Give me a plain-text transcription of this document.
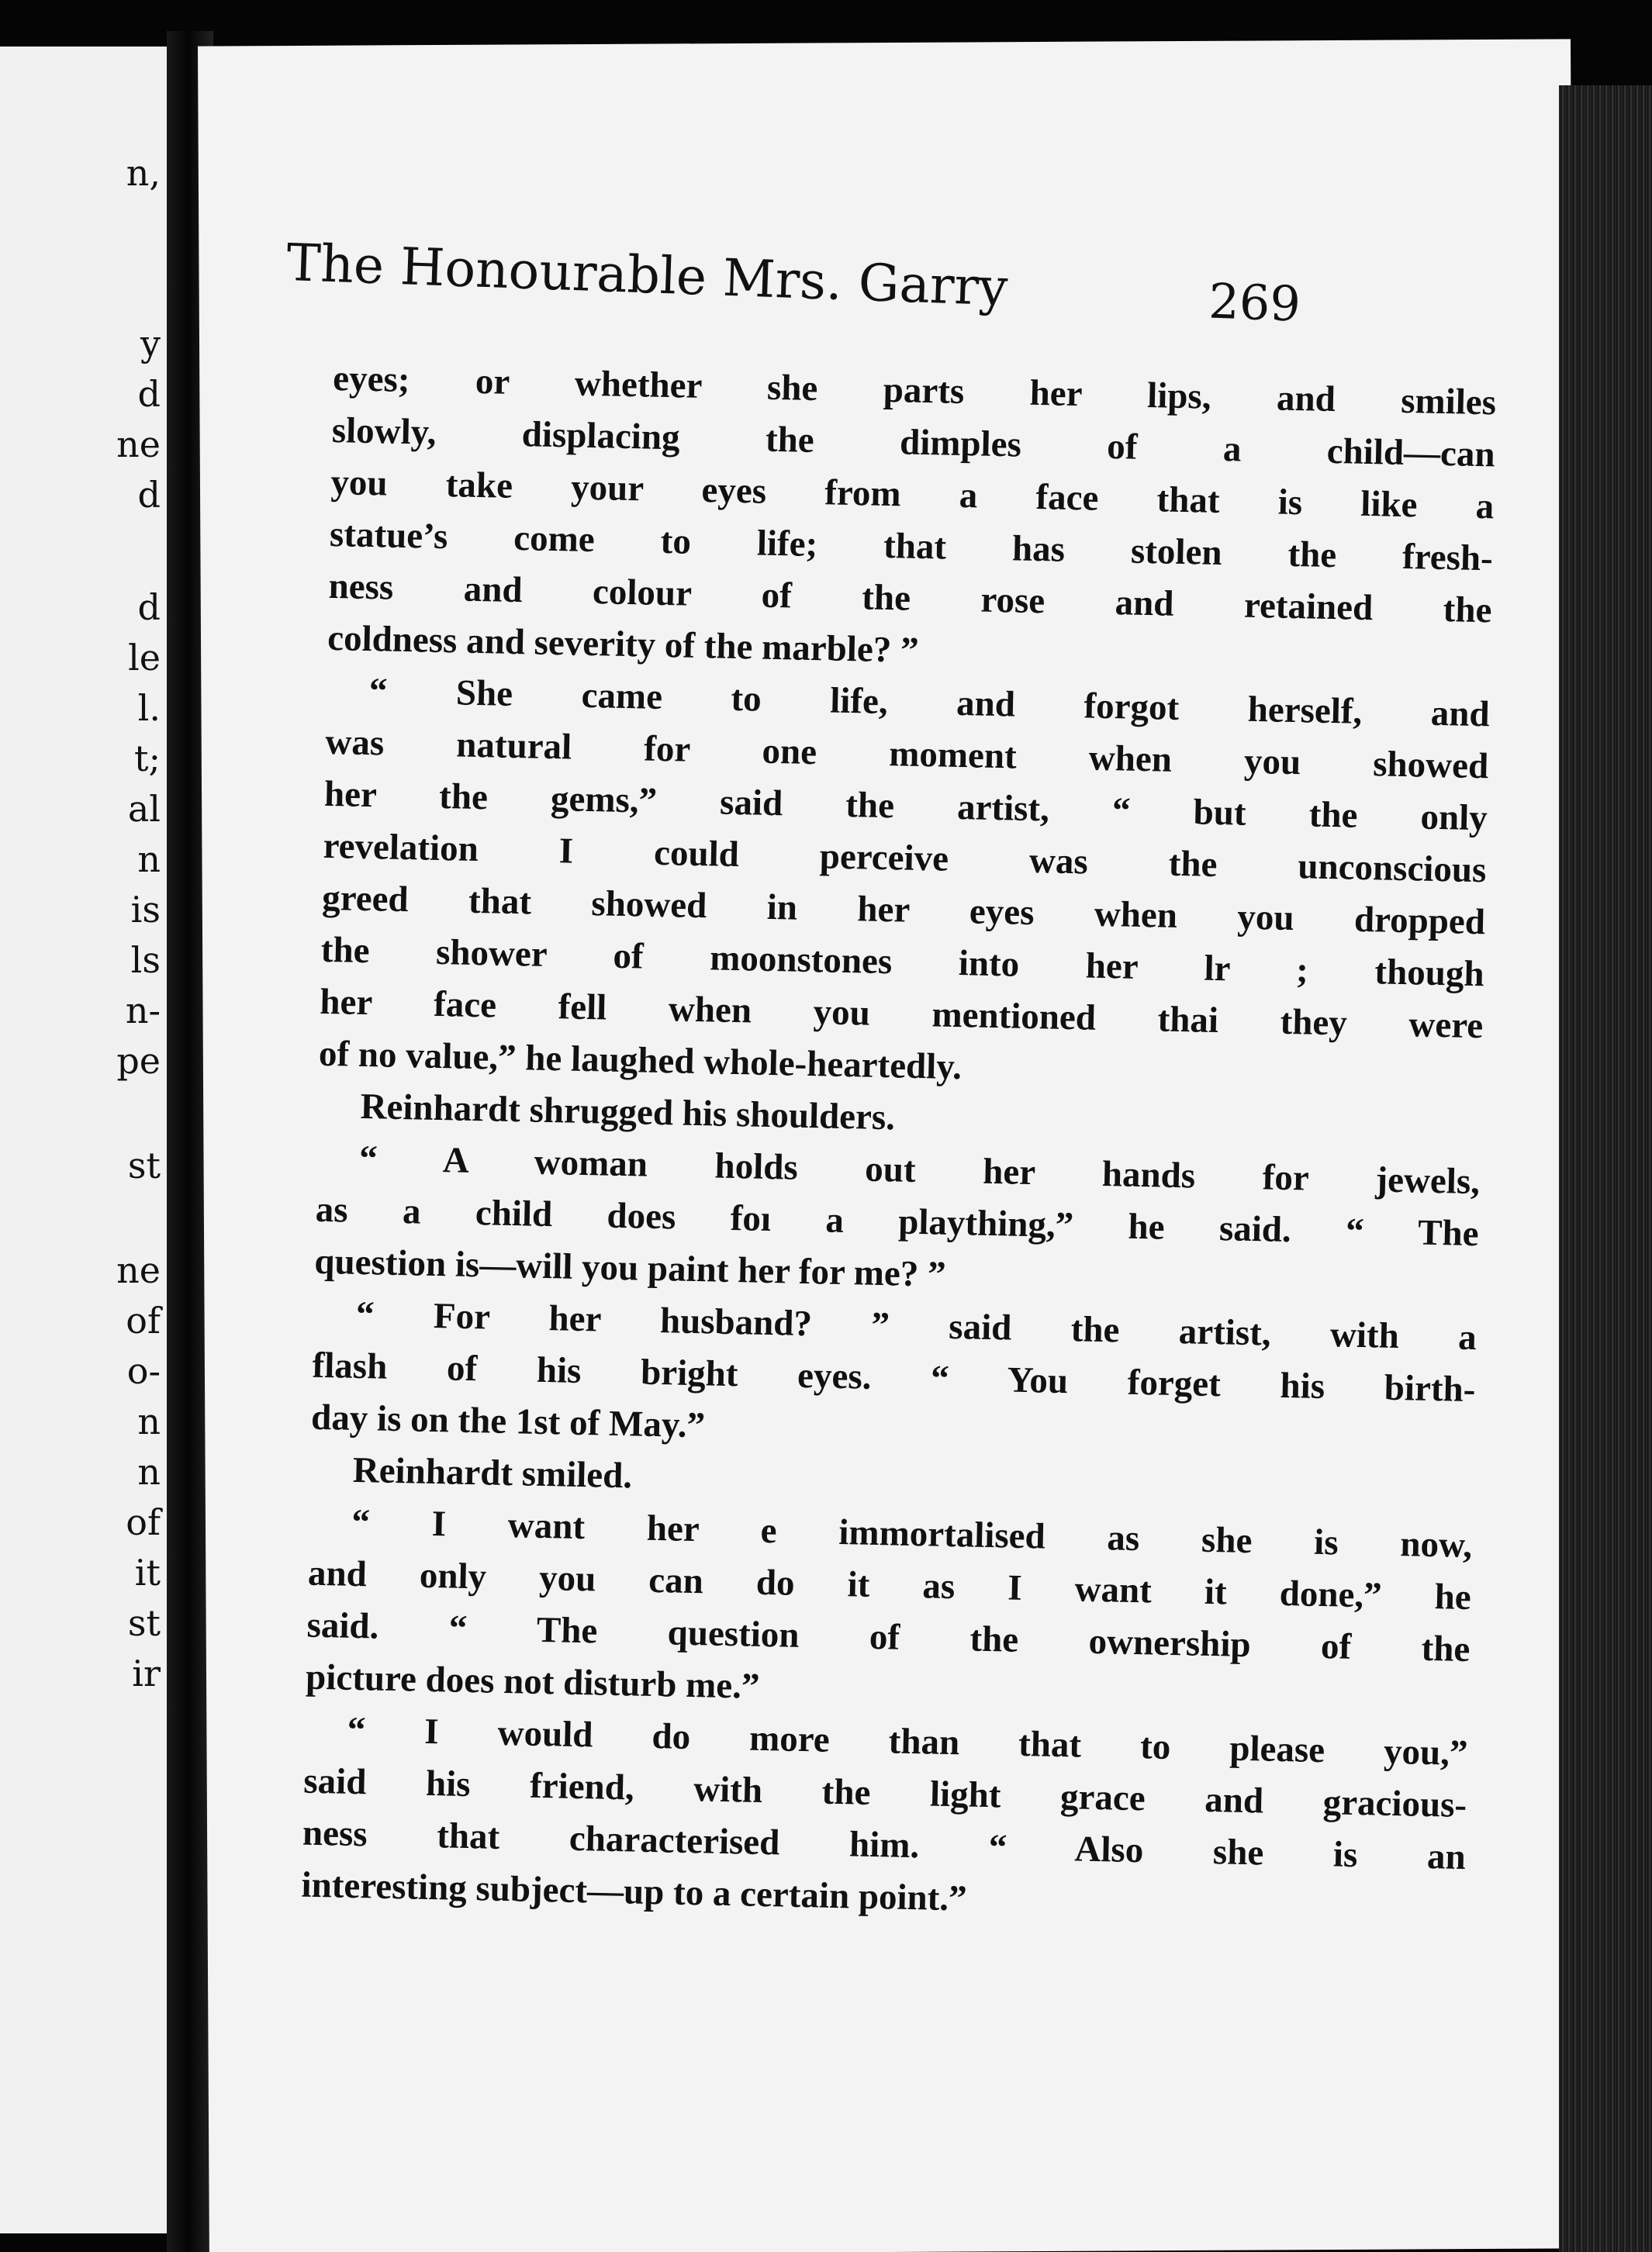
n,
y
d
ne
d
d
le
l.
t;
al
n
is
ls
n-
pe
st
ne
of
o-
n
n
of
it
st
ir
The Honourable Mrs. Garry	269
eyes; or whether she parts her lips, and smiles
slowly, displacing the dimples of a child—can
you take your eyes from a face that is like a
statue’s come to life; that has stolen the fresh-
ness and colour of the rose and retained the
coldness and severity of the marble? ”
“ She came to life, and forgot herself, and
was natural for one moment when you showed
her the gems,” said the artist, “ but the only
revelation I could perceive was the unconscious
greed that showed in her eyes when you dropped
the shower of moonstones into her lr ; though
her face fell when you mentioned thai they were
of no value,” he laughed whole-heartedly.
Reinhardt shrugged his shoulders.
“ A woman holds out her hands for jewels,
as a child does foı a plaything,” he said. “ The
question is—will you paint her for me? ”
“ For her husband? ” said the artist, with a
flash of his bright eyes. “ You forget his birth-
day is on the 1st of May.”
Reinhardt smiled.
“ I want her e immortalised as she is now,
and only you can do it as I want it done,” he
said. “ The question of the ownership of the
picture does not disturb me.”
“ I would do more than that to please you,”
said his friend, with the light grace and gracious-
ness that characterised him. “ Also she is an
interesting subject—up to a certain point.”
